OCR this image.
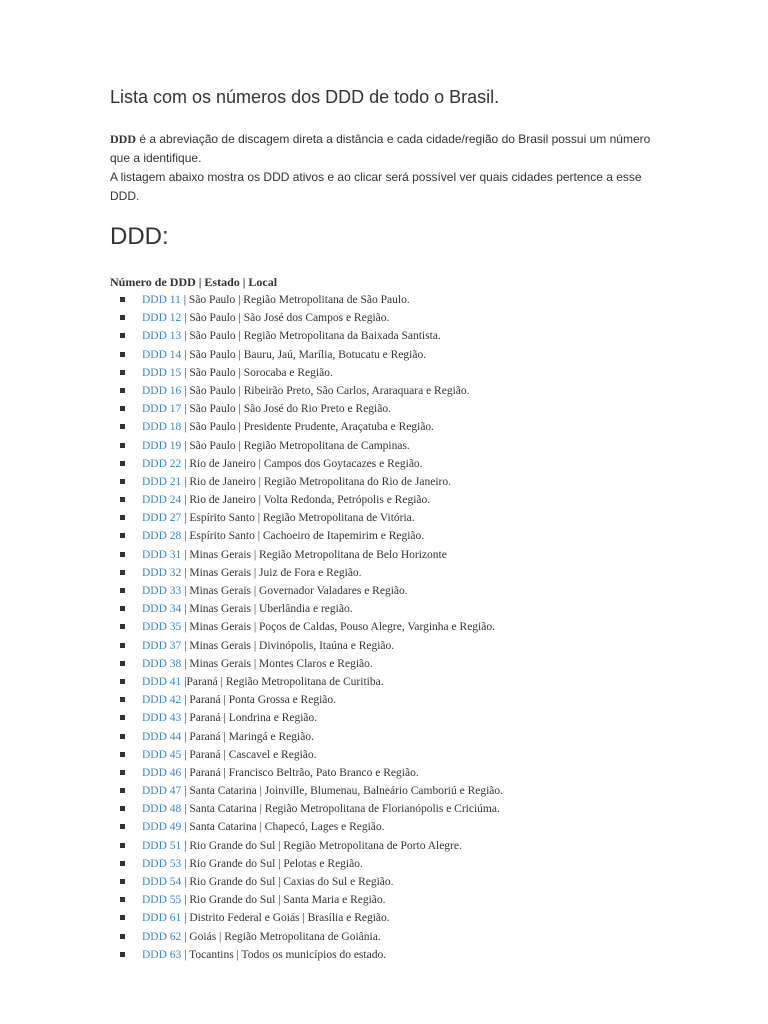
Lista com os números dos DDD de todo o Brasil.

DDD é a abreviação de discagem direta a distância e cada cidade/região do Brasil possui um número que a identifique.

A listagem abaixo mostra os DDD ativos e ao clicar será possível ver quais cidades pertence a esse DDD.

DDD:

Número de DDD | Estado | Local

DDD 11 | São Paulo | Região Metropolitana de São Paulo.
DDD 12 | São Paulo | São José dos Campos e Região.
DDD 13 | São Paulo | Região Metropolitana da Baixada Santista.
DDD 14 | São Paulo | Bauru, Jaú, Marília, Botucatu e Região.
DDD 15 | São Paulo | Sorocaba e Região.
DDD 16 | São Paulo | Ribeirão Preto, São Carlos, Araraquara e Região.
DDD 17 | São Paulo | São José do Rio Preto e Região.
DDD 18 | São Paulo | Presidente Prudente, Araçatuba e Região.
DDD 19 | São Paulo | Região Metropolitana de Campinas.
DDD 22 | Rio de Janeiro | Campos dos Goytacazes e Região.
DDD 21 | Rio de Janeiro | Região Metropolitana do Rio de Janeiro.
DDD 24 | Rio de Janeiro | Volta Redonda, Petrópolis e Região.
DDD 27 | Espírito Santo | Região Metropolitana de Vitória.
DDD 28 | Espírito Santo | Cachoeiro de Itapemirim e Região.
DDD 31 | Minas Gerais | Região Metropolitana de Belo Horizonte
DDD 32 | Minas Gerais | Juiz de Fora e Região.
DDD 33 | Minas Gerais | Governador Valadares e Região.
DDD 34 | Minas Gerais | Uberlândia e região.
DDD 35 | Minas Gerais | Poços de Caldas, Pouso Alegre, Varginha e Região.
DDD 37 | Minas Gerais | Divinópolis, Itaúna e Região.
DDD 38 | Minas Gerais | Montes Claros e Região.
DDD 41 |Paraná | Região Metropolitana de Curitiba.
DDD 42 | Paraná | Ponta Grossa e Região.
DDD 43 | Paraná | Londrina e Região.
DDD 44 | Paraná | Maringá e Região.
DDD 45 | Paraná | Cascavel e Região.
DDD 46 | Paraná | Francisco Beltrão, Pato Branco e Região.
DDD 47 | Santa Catarina | Joinville, Blumenau, Balneário Camboriú e Região.
DDD 48 | Santa Catarina | Região Metropolitana de Florianópolis e Criciúma.
DDD 49 | Santa Catarina | Chapecó, Lages e Região.
DDD 51 | Rio Grande do Sul | Região Metropolitana de Porto Alegre.
DDD 53 | Rio Grande do Sul | Pelotas e Região.
DDD 54 | Rio Grande do Sul | Caxias do Sul e Região.
DDD 55 | Rio Grande do Sul | Santa Maria e Região.
DDD 61 | Distrito Federal e Goiás | Brasília e Região.
DDD 62 | Goiás | Região Metropolitana de Goiânia.
DDD 63 | Tocantins | Todos os municípios do estado.
